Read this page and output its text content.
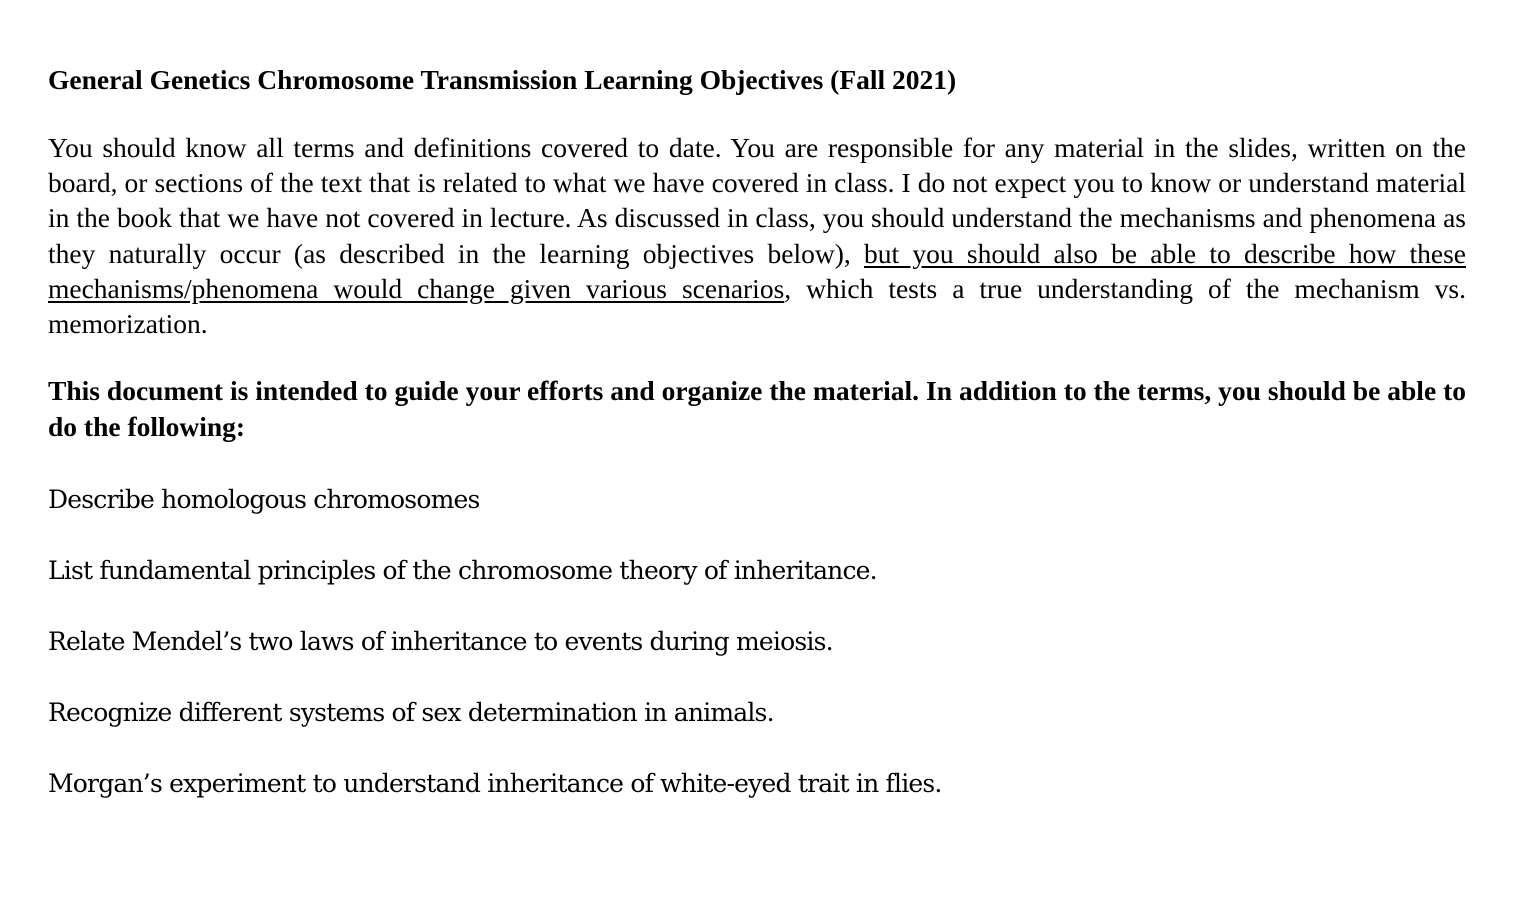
General Genetics Chromosome Transmission Learning Objectives (Fall 2021)

You should know all terms and definitions covered to date. You are responsible for any material in the slides, written on the board, or sections of the text that is related to what we have covered in class. I do not expect you to know or understand material in the book that we have not covered in lecture. As discussed in class, you should understand the mechanisms and phenomena as they naturally occur (as described in the learning objectives below), but you should also be able to describe how these mechanisms/phenomena would change given various scenarios, which tests a true understanding of the mechanism vs. memorization.

This document is intended to guide your efforts and organize the material. In addition to the terms, you should be able to do the following:

Describe homologous chromosomes
List fundamental principles of the chromosome theory of inheritance.
Relate Mendel’s two laws of inheritance to events during meiosis.
Recognize different systems of sex determination in animals.
Morgan’s experiment to understand inheritance of white-eyed trait in flies.
